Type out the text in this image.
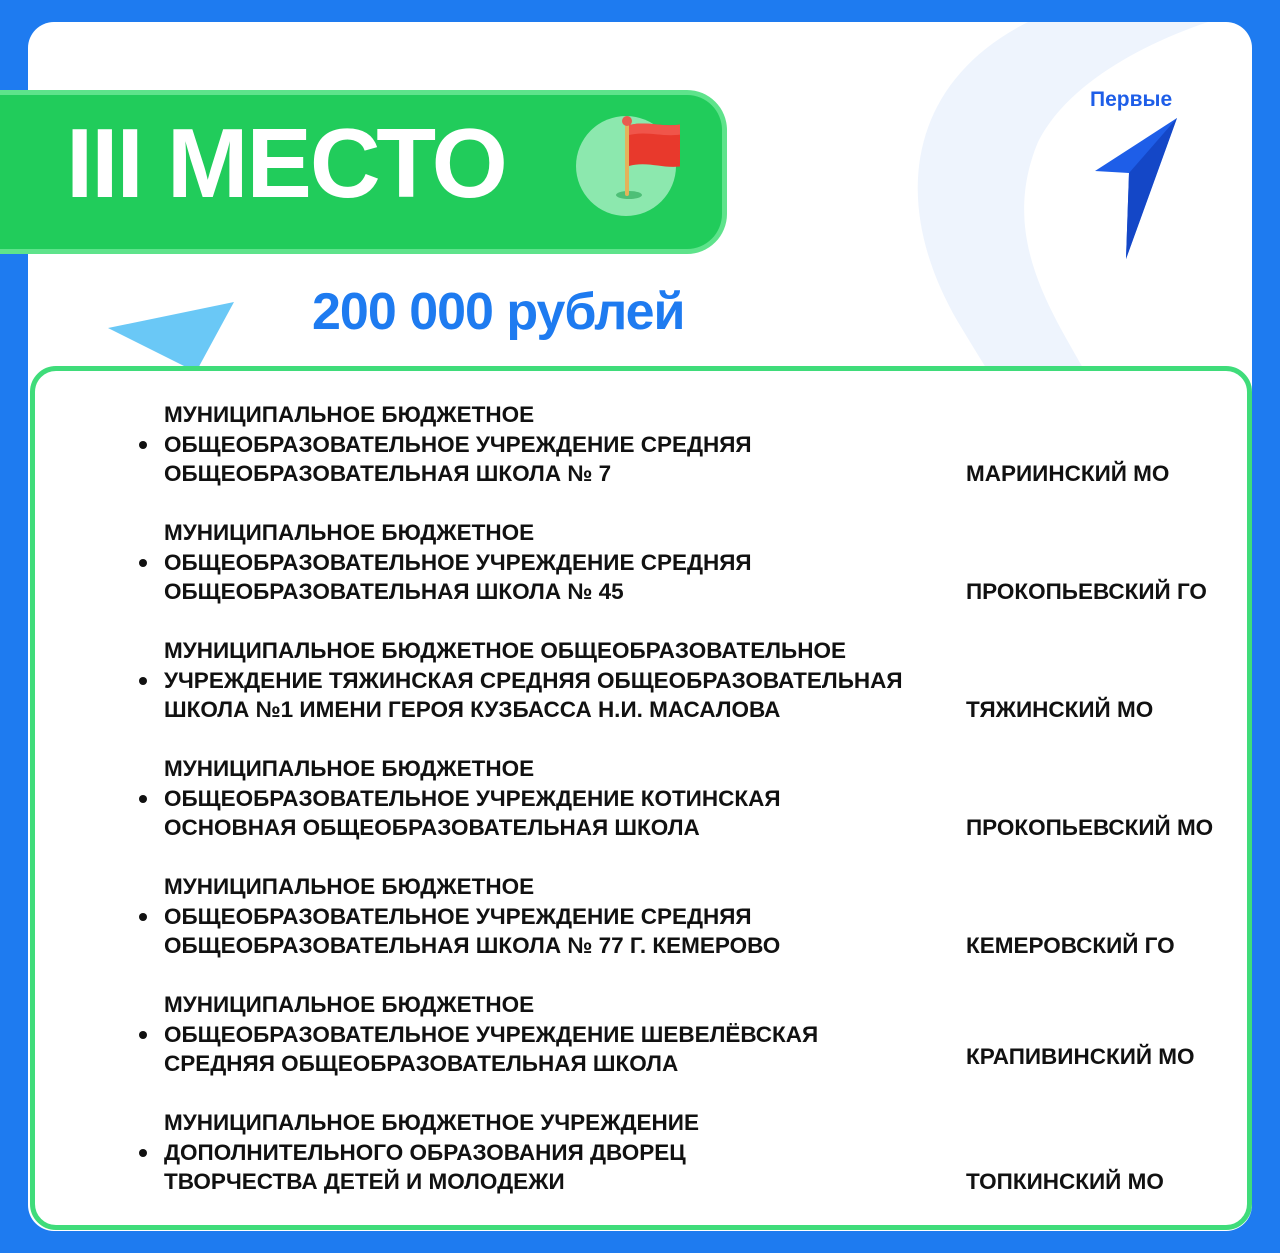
III МЕСТО
200 000 рублей
Первые
МУНИЦИПАЛЬНОЕ БЮДЖЕТНОЕ
ОБЩЕОБРАЗОВАТЕЛЬНОЕ УЧРЕЖДЕНИЕ СРЕДНЯЯ
ОБЩЕОБРАЗОВАТЕЛЬНАЯ ШКОЛА № 7	МАРИИНСКИЙ МО
МУНИЦИПАЛЬНОЕ БЮДЖЕТНОЕ
ОБЩЕОБРАЗОВАТЕЛЬНОЕ УЧРЕЖДЕНИЕ СРЕДНЯЯ
ОБЩЕОБРАЗОВАТЕЛЬНАЯ ШКОЛА № 45	ПРОКОПЬЕВСКИЙ ГО
МУНИЦИПАЛЬНОЕ БЮДЖЕТНОЕ ОБЩЕОБРАЗОВАТЕЛЬНОЕ
УЧРЕЖДЕНИЕ ТЯЖИНСКАЯ СРЕДНЯЯ ОБЩЕОБРАЗОВАТЕЛЬНАЯ
ШКОЛА №1 ИМЕНИ ГЕРОЯ КУЗБАССА Н.И. МАСАЛОВА	ТЯЖИНСКИЙ МО
МУНИЦИПАЛЬНОЕ БЮДЖЕТНОЕ
ОБЩЕОБРАЗОВАТЕЛЬНОЕ УЧРЕЖДЕНИЕ КОТИНСКАЯ
ОСНОВНАЯ ОБЩЕОБРАЗОВАТЕЛЬНАЯ ШКОЛА	ПРОКОПЬЕВСКИЙ МО
МУНИЦИПАЛЬНОЕ БЮДЖЕТНОЕ
ОБЩЕОБРАЗОВАТЕЛЬНОЕ УЧРЕЖДЕНИЕ СРЕДНЯЯ
ОБЩЕОБРАЗОВАТЕЛЬНАЯ ШКОЛА № 77 Г. КЕМЕРОВО	КЕМЕРОВСКИЙ ГО
МУНИЦИПАЛЬНОЕ БЮДЖЕТНОЕ
ОБЩЕОБРАЗОВАТЕЛЬНОЕ УЧРЕЖДЕНИЕ ШЕВЕЛЁВСКАЯ
СРЕДНЯЯ ОБЩЕОБРАЗОВАТЕЛЬНАЯ ШКОЛА	КРАПИВИНСКИЙ МО
МУНИЦИПАЛЬНОЕ БЮДЖЕТНОЕ УЧРЕЖДЕНИЕ
ДОПОЛНИТЕЛЬНОГО ОБРАЗОВАНИЯ ДВОРЕЦ
ТВОРЧЕСТВА ДЕТЕЙ И МОЛОДЕЖИ	ТОПКИНСКИЙ МО
